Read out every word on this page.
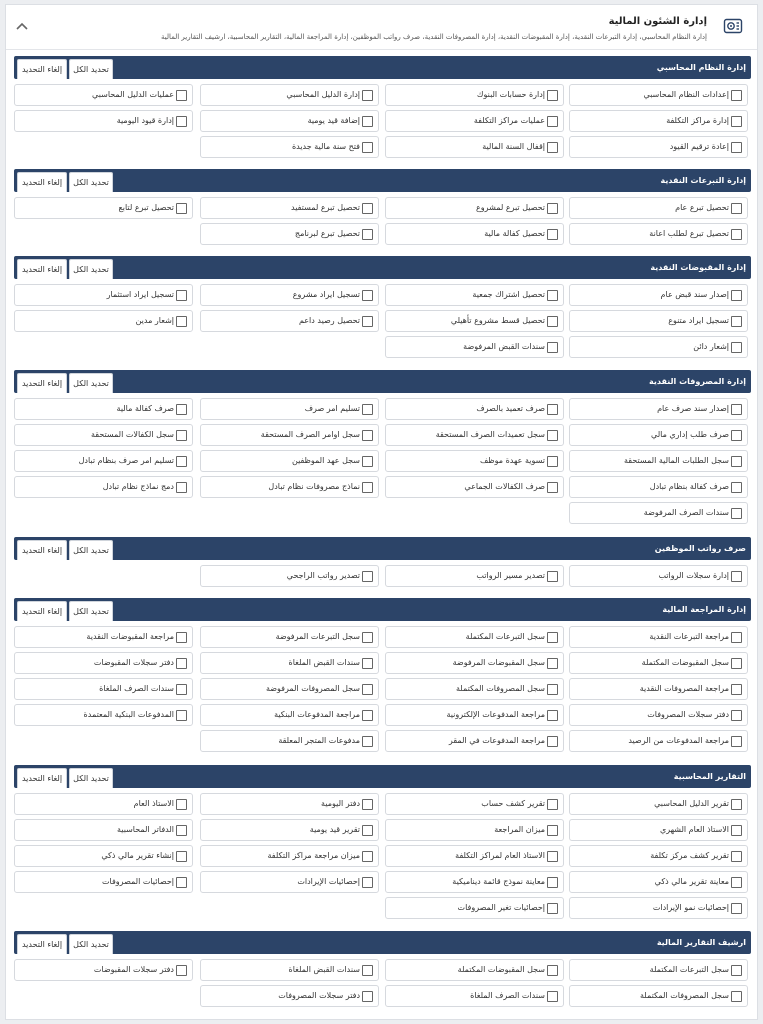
إدارة الشئون المالية
إدارة النظام المحاسبي، إدارة التبرعات النقدية، إدارة المقبوضات النقدية، إدارة المصروفات النقدية، صرف رواتب الموظفين، إدارة المراجعة المالية، التقارير المحاسبية، ارشيف التقارير المالية
إدارة النظام المحاسبي
تحديد الكل
إلغاء التحديد
إعدادات النظام المحاسبي
إدارة حسابات البنوك
إدارة الدليل المحاسبي
عمليات الدليل المحاسبي
إدارة مراكز التكلفة
عمليات مراكز التكلفة
إضافة قيد يومية
إدارة قيود اليومية
إعادة ترقيم القيود
إقفال السنة المالية
فتح سنة مالية جديدة
إدارة التبرعات النقدية
تحديد الكل
إلغاء التحديد
تحصيل تبرع عام
تحصيل تبرع لمشروع
تحصيل تبرع لمستفيد
تحصيل تبرع لتابع
تحصيل تبرع لطلب اعانة
تحصيل كفالة مالية
تحصيل تبرع لبرنامج
إدارة المقبوضات النقدية
تحديد الكل
إلغاء التحديد
إصدار سند قبض عام
تحصيل اشتراك جمعية
تسجيل ايراد مشروع
تسجيل ايراد استثمار
تسجيل ايراد متنوع
تحصيل قسط مشروع تأهيلي
تحصيل رصيد داعم
إشعار مدين
إشعار دائن
سندات القبض المرفوضة
إدارة المصروفات النقدية
تحديد الكل
إلغاء التحديد
إصدار سند صرف عام
صرف تعميد بالصرف
تسليم امر صرف
صرف كفالة مالية
صرف طلب إداري مالي
سجل تعميدات الصرف المستحقة
سجل اوامر الصرف المستحقة
سجل الكفالات المستحقة
سجل الطلبات المالية المستحقة
تسوية عهدة موظف
سجل عهد الموظفين
تسليم امر صرف بنظام تبادل
صرف كفالة بنظام تبادل
صرف الكفالات الجماعي
نماذج مصروفات نظام تبادل
دمج نماذج نظام تبادل
سندات الصرف المرفوضة
صرف رواتب الموظفين
تحديد الكل
إلغاء التحديد
إدارة سجلات الرواتب
تصدير مسير الرواتب
تصدير رواتب الراجحي
إدارة المراجعة المالية
تحديد الكل
إلغاء التحديد
مراجعة التبرعات النقدية
سجل التبرعات المكتملة
سجل التبرعات المرفوضة
مراجعة المقبوضات النقدية
سجل المقبوضات المكتملة
سجل المقبوضات المرفوضة
سندات القبض الملغاة
دفتر سجلات المقبوضات
مراجعة المصروفات النقدية
سجل المصروفات المكتملة
سجل المصروفات المرفوضة
سندات الصرف الملغاة
دفتر سجلات المصروفات
مراجعة المدفوعات الإلكترونية
مراجعة المدفوعات البنكية
المدفوعات البنكية المعتمدة
مراجعة المدفوعات من الرصيد
مراجعة المدفوعات في المقر
مدفوعات المتجر المعلقة
التقارير المحاسبية
تحديد الكل
إلغاء التحديد
تقرير الدليل المحاسبي
تقرير كشف حساب
دفتر اليومية
الاستاذ العام
الاستاذ العام الشهري
ميزان المراجعة
تقرير قيد يومية
الدفاتر المحاسبية
تقرير كشف مركز تكلفة
الاستاذ العام لمراكز التكلفة
ميزان مراجعة مراكز التكلفة
إنشاء تقرير مالي ذكي
معاينة تقرير مالي ذكي
معاينة نموذج قائمة ديناميكية
إحصائيات الإيرادات
إحصائيات المصروفات
إحصائيات نمو الإيرادات
إحصائيات تغير المصروفات
ارشيف التقارير المالية
تحديد الكل
إلغاء التحديد
سجل التبرعات المكتملة
سجل المقبوضات المكتملة
سندات القبض الملغاة
دفتر سجلات المقبوضات
سجل المصروفات المكتملة
سندات الصرف الملغاة
دفتر سجلات المصروفات
